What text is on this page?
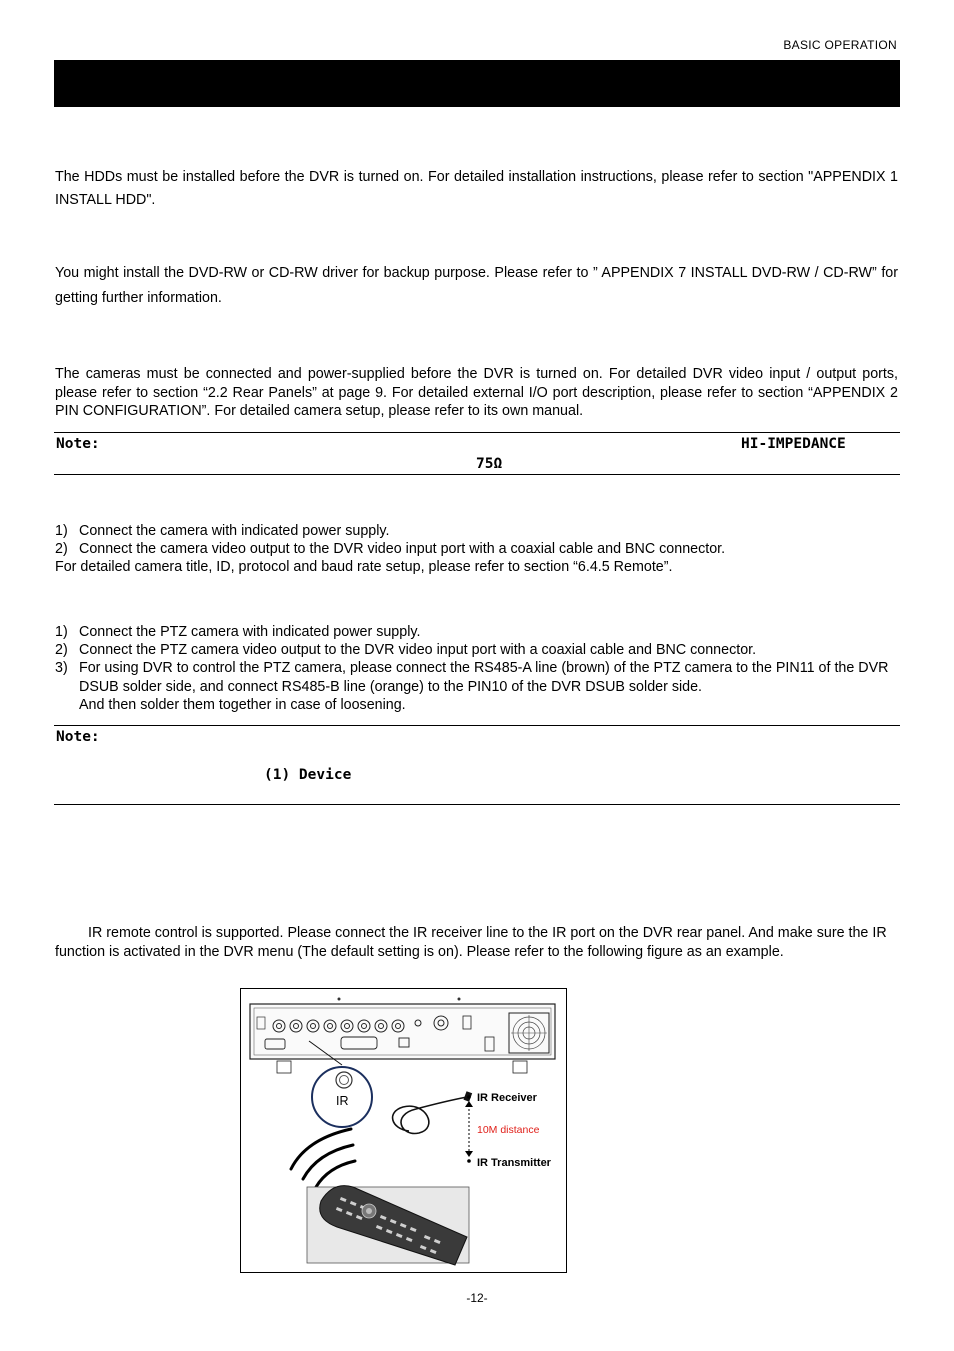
BASIC OPERATION
The HDDs must be installed before the DVR is turned on. For detailed installation instructions, please refer to section "APPENDIX 1 INSTALL HDD".
You might install the DVD-RW or CD-RW driver for backup purpose. Please refer to ” APPENDIX 7 INSTALL DVD-RW / CD-RW” for getting further information.
The cameras must be connected and power-supplied before the DVR is turned on. For detailed DVR video input / output ports, please refer to section “2.2 Rear Panels” at page 9. For detailed external I/O port description, please refer to section “APPENDIX 2 PIN CONFIGURATION”. For detailed camera setup, please refer to its own manual.
Note:	HI-IMPEDANCE
75Ω
1) Connect the camera with indicated power supply.
2) Connect the camera video output to the DVR video input port with a coaxial cable and BNC connector.
For detailed camera title, ID, protocol and baud rate setup, please refer to section “6.4.5 Remote”.
1) Connect the PTZ camera with indicated power supply.
2) Connect the PTZ camera video output to the DVR video input port with a coaxial cable and BNC connector.
3) For using DVR to control the PTZ camera, please connect the RS485-A line (brown) of the PTZ camera to the PIN11 of the DVR DSUB solder side, and connect RS485-B line (orange) to the PIN10 of the DVR DSUB solder side.
And then solder them together in case of loosening.
Note:
(1) Device
IR remote control is supported. Please connect the IR receiver line to the IR port on the DVR rear panel. And make sure the IR function is activated in the DVR menu (The default setting is on). Please refer to the following figure as an example.
IR	IR Receiver
10M distance
IR Transmitter
-12-
